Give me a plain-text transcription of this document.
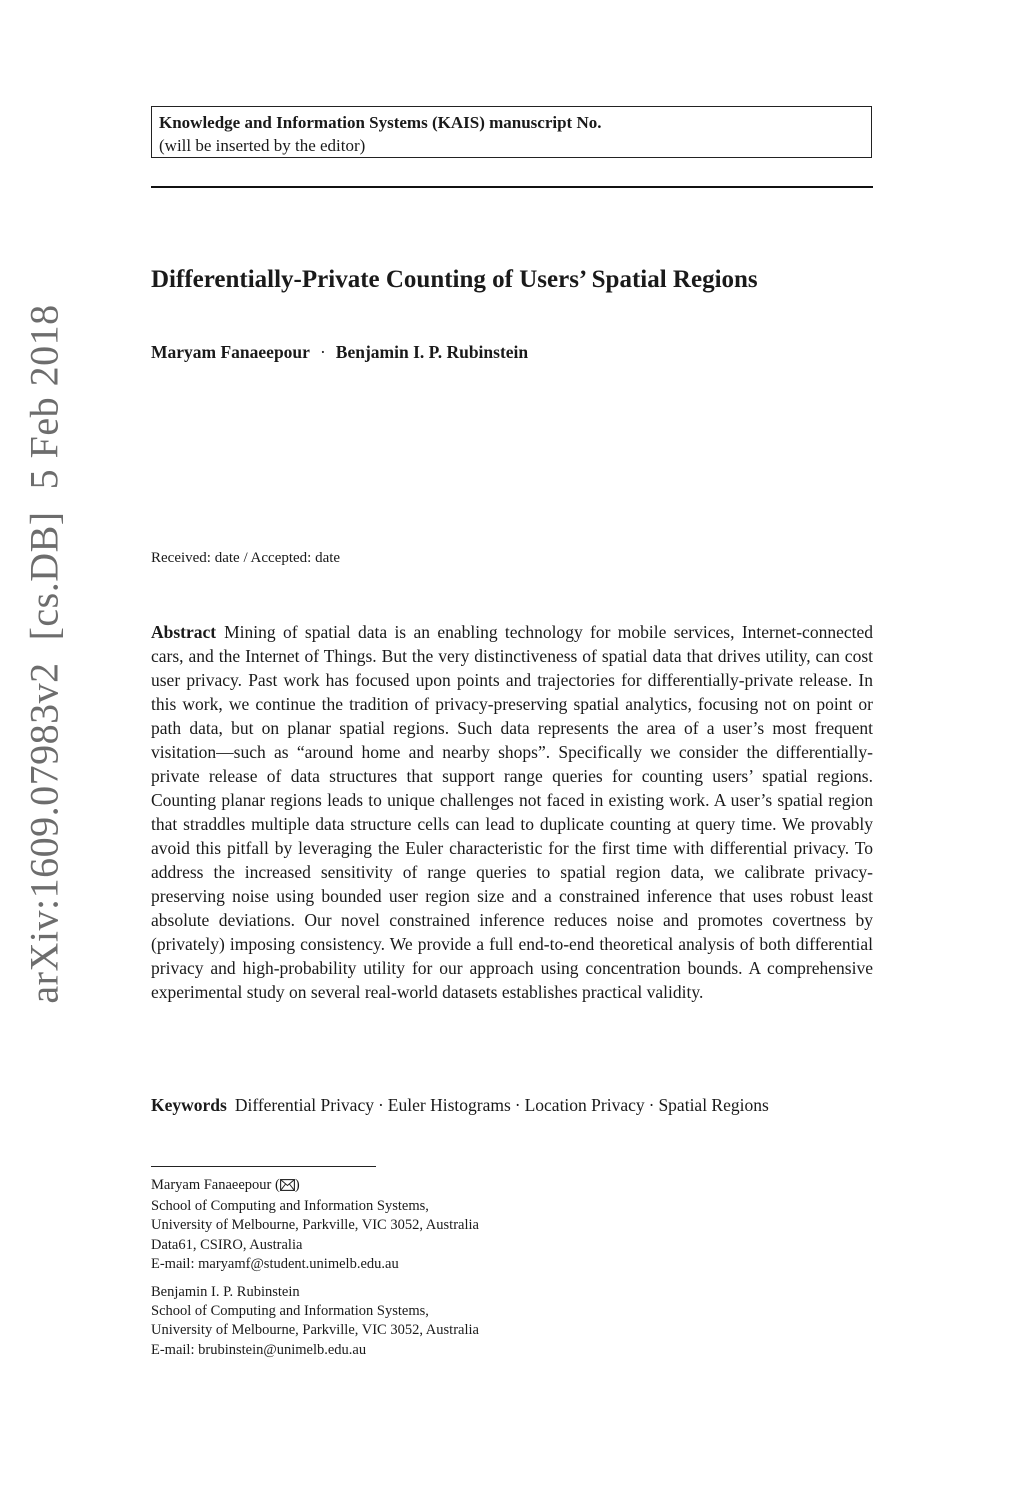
Knowledge and Information Systems (KAIS) manuscript No.
(will be inserted by the editor)
arXiv:1609.07983v2[cs.DB]5 Feb 2018
Differentially-Private Counting of Users’ Spatial Regions
Maryam Fanaeepour · Benjamin I. P. Rubinstein
Received: date / Accepted: date

Abstract Mining of spatial data is an enabling technology for mobile services, Internet-connected cars, and the Internet of Things. But the very distinctiveness of spatial data that drives utility, can cost user privacy. Past work has focused upon points and trajectories for differentially-private release. In this work, we continue the tradition of privacy-preserving spatial analytics, focusing not on point or path data, but on planar spatial regions. Such data represents the area of a user’s most frequent visitation—such as “around home and nearby shops”. Specifically we consider the differentially-private release of data structures that support range queries for counting users’ spatial regions. Counting planar regions leads to unique challenges not faced in existing work. A user’s spatial region that straddles multiple data structure cells can lead to duplicate counting at query time. We provably avoid this pitfall by leveraging the Euler characteristic for the first time with differential privacy. To address the increased sensitivity of range queries to spatial region data, we calibrate privacy-preserving noise using bounded user region size and a constrained inference that uses robust least absolute deviations. Our novel constrained inference reduces noise and promotes covertness by (privately) imposing consistency. We provide a full end-to-end theoretical analysis of both differential privacy and high-probability utility for our approach using concentration bounds. A comprehensive experimental study on several real-world datasets establishes practical validity.

Keywords Differential Privacy · Euler Histograms · Location Privacy · Spatial Regions
Maryam Fanaeepour ( )
School of Computing and Information Systems,
University of Melbourne, Parkville, VIC 3052, Australia
Data61, CSIRO, Australia
E-mail: maryamf@student.unimelb.edu.au
Benjamin I. P. Rubinstein
School of Computing and Information Systems,
University of Melbourne, Parkville, VIC 3052, Australia
E-mail: brubinstein@unimelb.edu.au
